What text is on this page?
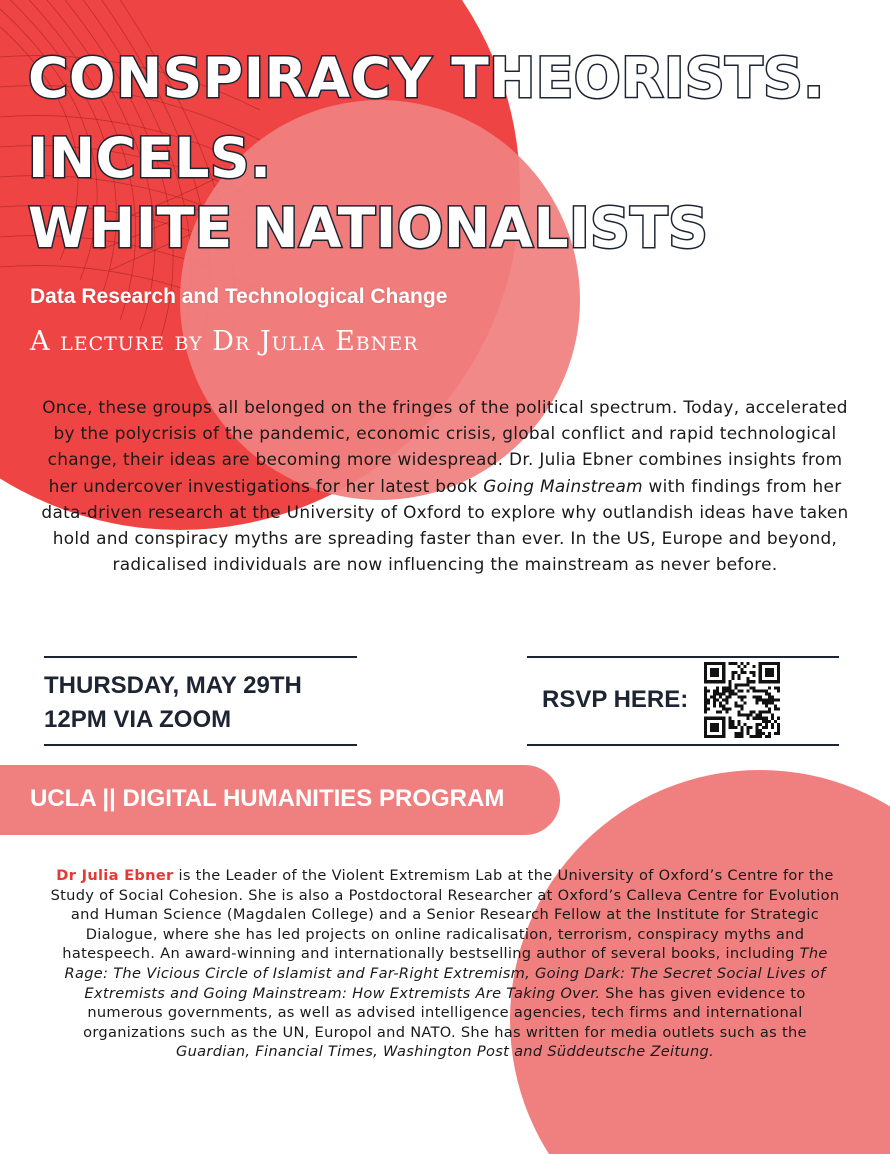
CONSPIRACY THEORISTS.
INCELS.
WHITE NATIONALISTS
Data Research and Technological Change
A lecture by Dr Julia Ebner

Once, these groups all belonged on the fringes of the political spectrum. Today, accelerated by the polycrisis of the pandemic, economic crisis, global conflict and rapid technological change, their ideas are becoming more widespread. Dr. Julia Ebner combines insights from her undercover investigations for her latest book Going Mainstream with findings from her data-driven research at the University of Oxford to explore why outlandish ideas have taken hold and conspiracy myths are spreading faster than ever. In the US, Europe and beyond, radicalised individuals are now influencing the mainstream as never before.

THURSDAY, MAY 29TH
12PM VIA ZOOM
RSVP HERE:
UCLA || DIGITAL HUMANITIES PROGRAM

Dr Julia Ebner is the Leader of the Violent Extremism Lab at the University of Oxford’s Centre for the Study of Social Cohesion. She is also a Postdoctoral Researcher at Oxford’s Calleva Centre for Evolution and Human Science (Magdalen College) and a Senior Research Fellow at the Institute for Strategic Dialogue, where she has led projects on online radicalisation, terrorism, conspiracy myths and hatespeech. An award-winning and internationally bestselling author of several books, including The Rage: The Vicious Circle of Islamist and Far-Right Extremism, Going Dark: The Secret Social Lives of Extremists and Going Mainstream: How Extremists Are Taking Over. She has given evidence to numerous governments, as well as advised intelligence agencies, tech firms and international organizations such as the UN, Europol and NATO. She has written for media outlets such as the Guardian, Financial Times, Washington Post and Süddeutsche Zeitung.
